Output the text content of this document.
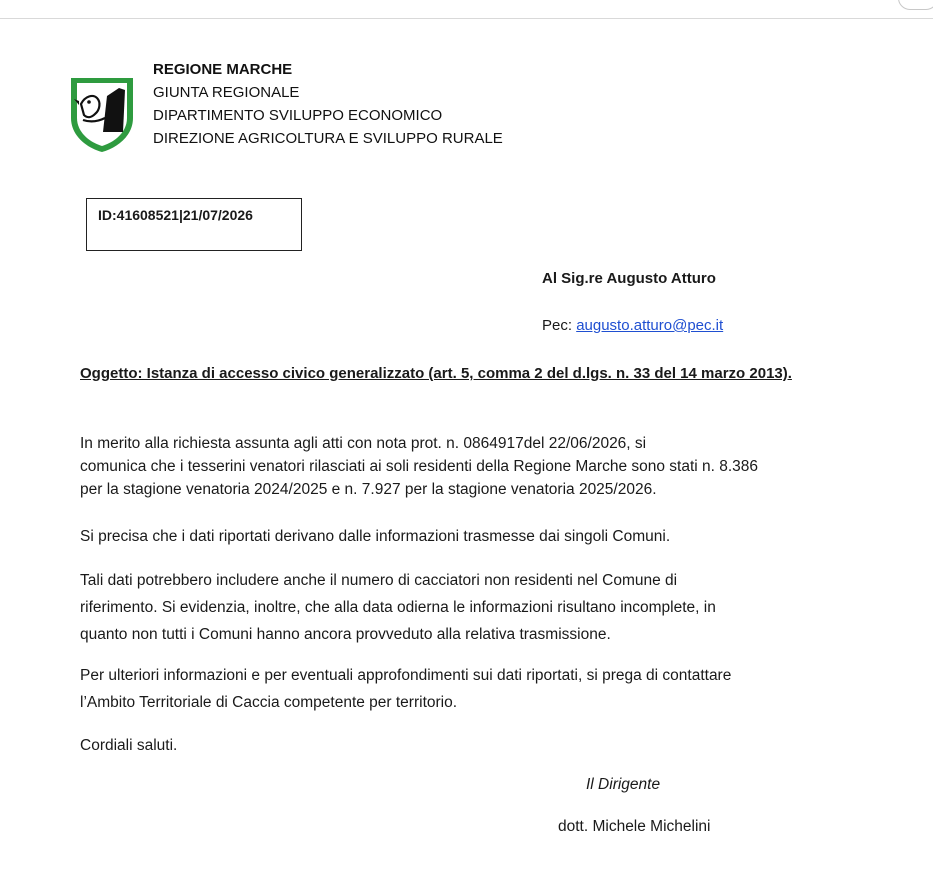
REGIONE MARCHE
GIUNTA REGIONALE
DIPARTIMENTO SVILUPPO ECONOMICO
DIREZIONE AGRICOLTURA E SVILUPPO RURALE
ID:41608521|21/07/2026
Al Sig.re Augusto Atturo
Pec: augusto.atturo@pec.it
Oggetto: Istanza di accesso civico generalizzato (art. 5, comma 2 del d.lgs. n. 33 del 14 marzo 2013).

In merito alla richiesta assunta agli atti con nota prot. n. 0864917del 22/06/2026, si
comunica che i tesserini venatori rilasciati ai soli residenti della Regione Marche sono stati n. 8.386
per la stagione venatoria 2024/2025 e n. 7.927 per la stagione venatoria 2025/2026.

Si precisa che i dati riportati derivano dalle informazioni trasmesse dai singoli Comuni.

Tali dati potrebbero includere anche il numero di cacciatori non residenti nel Comune di
riferimento. Si evidenzia, inoltre, che alla data odierna le informazioni risultano incomplete, in
quanto non tutti i Comuni hanno ancora provveduto alla relativa trasmissione.

Per ulteriori informazioni e per eventuali approfondimenti sui dati riportati, si prega di contattare
l’Ambito Territoriale di Caccia competente per territorio.

Cordiali saluti.

Il Dirigente
dott. Michele Michelini
